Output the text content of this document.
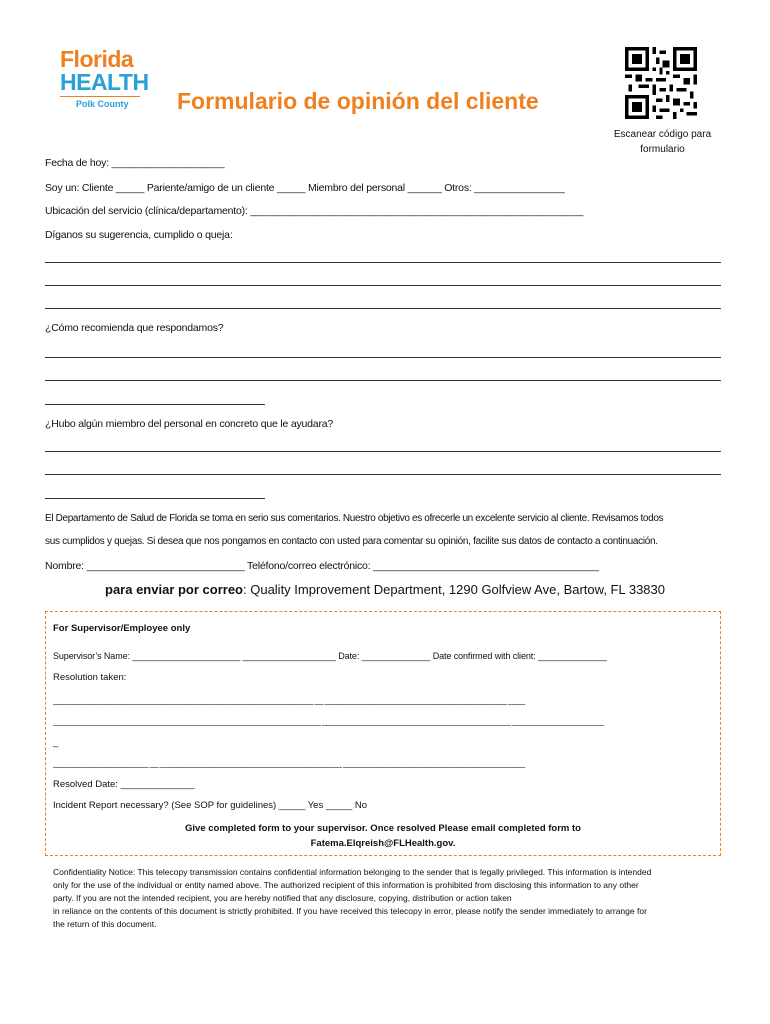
Florida
HEALTH
Polk County Formulario de opinión del cliente
Escanear código para
formulario
Fecha de hoy: ____________________
Soy un: Cliente _____ Pariente/amigo de un cliente _____ Miembro del personal ______ Otros: ________________
Ubicación del servicio (clínica/departamento): ___________________________________________________________
Díganos su sugerencia, cumplido o queja:
¿Cómo recomienda que respondamos?
¿Hubo algún miembro del personal en concreto que le ayudara?
El Departamento de Salud de Florida se toma en serio sus comentarios. Nuestro objetivo es ofrecerle un excelente servicio al cliente. Revisamos todos
sus cumplidos y quejas. Si desea que nos pongamos en contacto con usted para comentar su opinión, facilite sus datos de contacto a continuación.
Nombre: ____________________________ Teléfono/correo electrónico: ________________________________________
para enviar por correo: Quality Improvement Department, 1290 Golfview Ave, Bartow, FL 33830
For Supervisor/Employee only
Supervisor’s Name: ______________________ ___________________ Date: ______________ Date confirmed with client: ______________
Resolution taken:
_______________________________________________________________ __ ____________________________________________ ____
________________________________________________________________ _____________________________________________ ______________________
_
_______________________ __ ____________________________________________ ____________________________________________
Resolved Date: ______________
Incident Report necessary? (See SOP for guidelines) _____ Yes _____ No
Give completed form to your supervisor. Once resolved Please email completed form to
Fatema.Elqreish@FLHealth.gov.
Confidentiality Notice: This telecopy transmission contains confidential information belonging to the sender that is legally privileged. This information is intended
only for the use of the individual or entity named above. The authorized recipient of this information is prohibited from disclosing this information to any other
party. If you are not the intended recipient, you are hereby notified that any disclosure, copying, distribution or action taken
in reliance on the contents of this document is strictly prohibited. If you have received this telecopy in error, please notify the sender immediately to arrange for
the return of this document.
